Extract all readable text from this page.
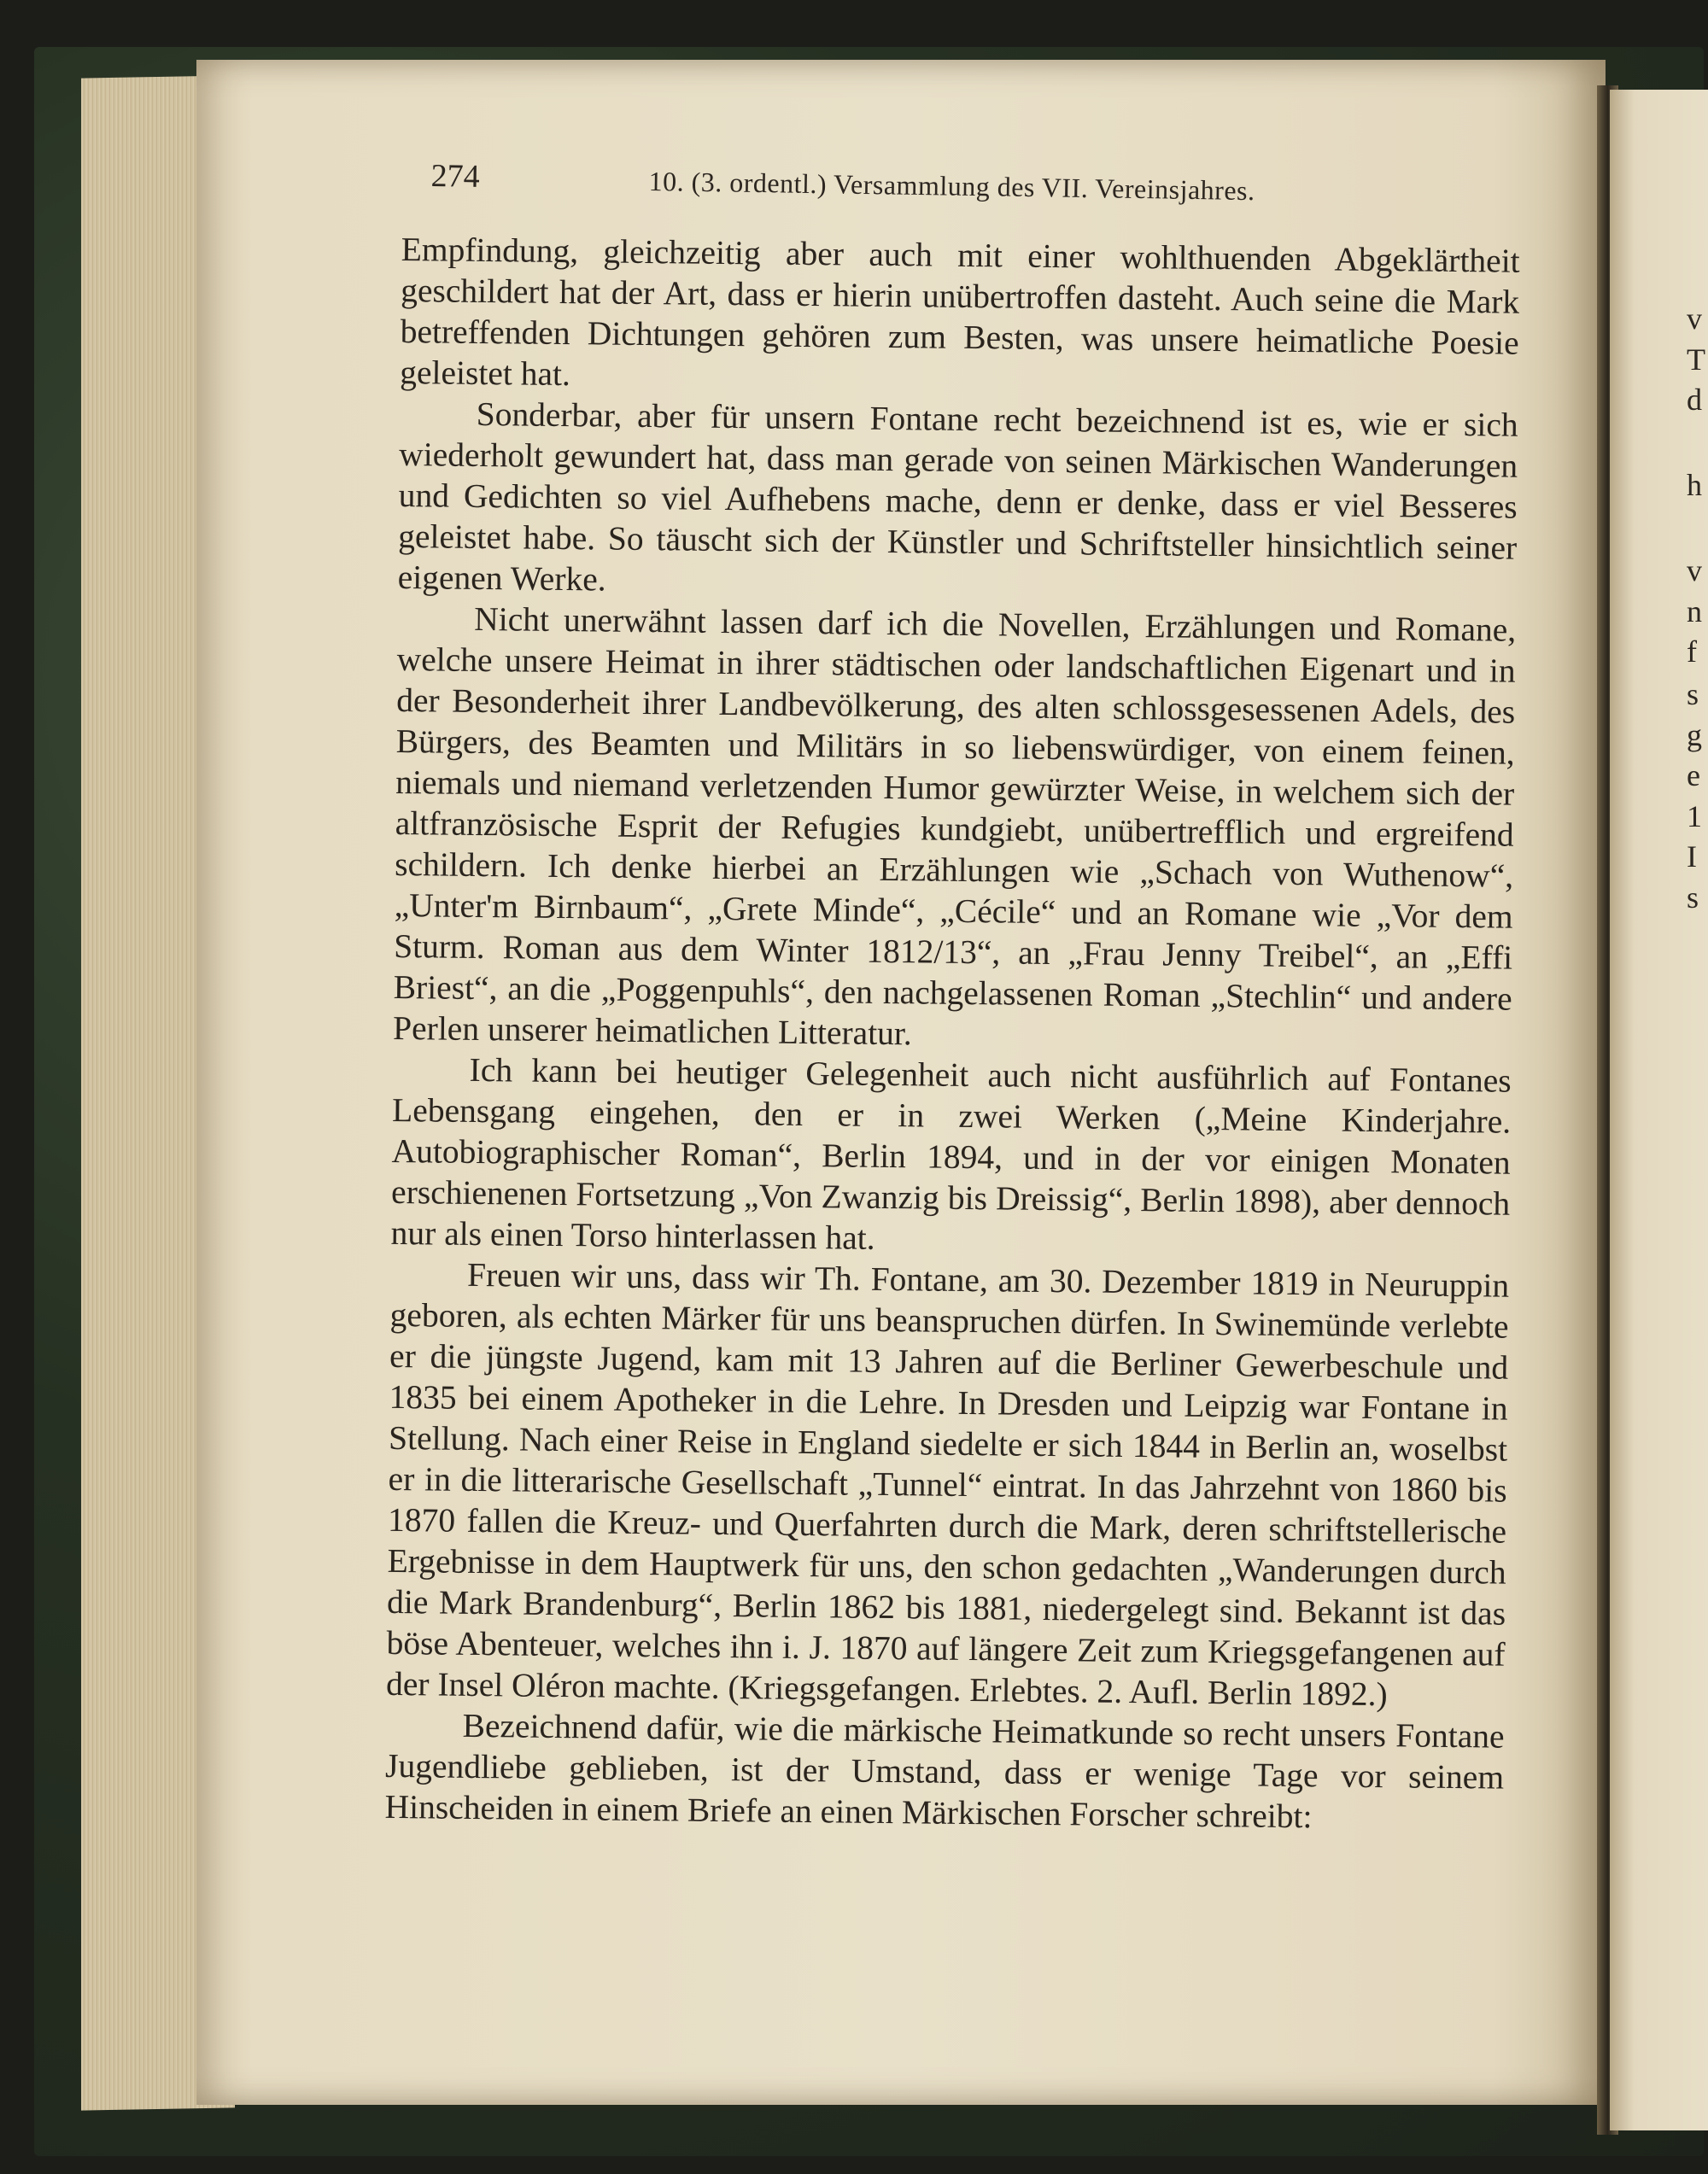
v
T
d
h
v
n
f
s
g
e
1
I
s
274	10. (3. ordentl.) Versammlung des VII. Vereinsjahres.

Empfindung, gleichzeitig aber auch mit einer wohlthuenden Abgeklärtheit geschildert hat der Art, dass er hierin unübertroffen dasteht. Auch seine die Mark betreffenden Dichtungen gehören zum Besten, was unsere heimatliche Poesie geleistet hat.

Sonderbar, aber für unsern Fontane recht bezeichnend ist es, wie er sich wiederholt gewundert hat, dass man gerade von seinen Märkischen Wanderungen und Gedichten so viel Aufhebens mache, denn er denke, dass er viel Besseres geleistet habe. So täuscht sich der Künstler und Schriftsteller hinsichtlich seiner eigenen Werke.

Nicht unerwähnt lassen darf ich die Novellen, Erzählungen und Romane, welche unsere Heimat in ihrer städtischen oder landschaftlichen Eigenart und in der Besonderheit ihrer Landbevölkerung, des alten schlossgesessenen Adels, des Bürgers, des Beamten und Militärs in so liebenswürdiger, von einem feinen, niemals und niemand verletzenden Humor gewürzter Weise, in welchem sich der altfranzösische Esprit der Refugies kundgiebt, unübertrefflich und ergreifend schildern. Ich denke hierbei an Erzählungen wie „Schach von Wuthenow“, „Unter'm Birnbaum“, „Grete Minde“, „Cécile“ und an Romane wie „Vor dem Sturm. Roman aus dem Winter 1812/13“, an „Frau Jenny Treibel“, an „Effi Briest“, an die „Poggenpuhls“, den nachgelassenen Roman „Stechlin“ und andere Perlen unserer heimatlichen Litteratur.

Ich kann bei heutiger Gelegenheit auch nicht ausführlich auf Fontanes Lebensgang eingehen, den er in zwei Werken („Meine Kinderjahre. Autobiographischer Roman“, Berlin 1894, und in der vor einigen Monaten erschienenen Fortsetzung „Von Zwanzig bis Dreissig“, Berlin 1898), aber dennoch nur als einen Torso hinterlassen hat.

Freuen wir uns, dass wir Th. Fontane, am 30. Dezember 1819 in Neuruppin geboren, als echten Märker für uns beanspruchen dürfen. In Swinemünde verlebte er die jüngste Jugend, kam mit 13 Jahren auf die Berliner Gewerbeschule und 1835 bei einem Apotheker in die Lehre. In Dresden und Leipzig war Fontane in Stellung. Nach einer Reise in England siedelte er sich 1844 in Berlin an, woselbst er in die litterarische Gesellschaft „Tunnel“ eintrat. In das Jahrzehnt von 1860 bis 1870 fallen die Kreuz- und Querfahrten durch die Mark, deren schriftstellerische Ergebnisse in dem Hauptwerk für uns, den schon gedachten „Wanderungen durch die Mark Brandenburg“, Berlin 1862 bis 1881, niedergelegt sind. Bekannt ist das böse Abenteuer, welches ihn i. J. 1870 auf längere Zeit zum Kriegsgefangenen auf der Insel Oléron machte. (Kriegsgefangen. Erlebtes. 2. Aufl. Berlin 1892.)

Bezeichnend dafür, wie die märkische Heimatkunde so recht unsers Fontane Jugendliebe geblieben, ist der Umstand, dass er wenige Tage vor seinem Hinscheiden in einem Briefe an einen Märkischen Forscher schreibt:
